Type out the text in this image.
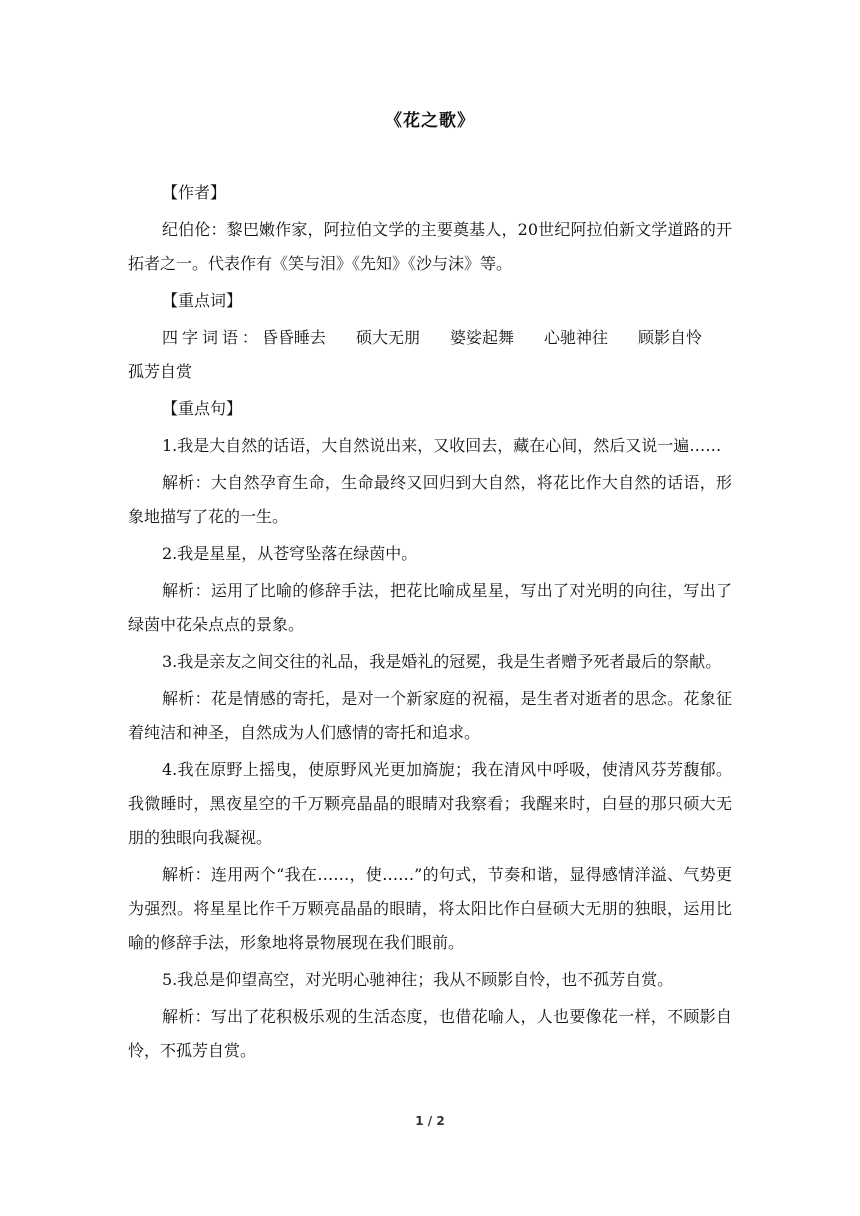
《花之歌》

【作者】

纪伯伦：黎巴嫩作家，阿拉伯文学的主要奠基人，20世纪阿拉伯新文学道路的开拓者之一。代表作有《笑与泪》《先知》《沙与沫》等。

【重点词】

四字词语：昏昏睡去 硕大无朋 婆娑起舞 心驰神往 顾影自怜 孤芳自赏

【重点句】

1.我是大自然的话语，大自然说出来，又收回去，藏在心间，然后又说一遍……

解析：大自然孕育生命，生命最终又回归到大自然，将花比作大自然的话语，形象地描写了花的一生。

2.我是星星，从苍穹坠落在绿茵中。

解析：运用了比喻的修辞手法，把花比喻成星星，写出了对光明的向往，写出了绿茵中花朵点点的景象。

3.我是亲友之间交往的礼品，我是婚礼的冠冕，我是生者赠予死者最后的祭献。

解析：花是情感的寄托，是对一个新家庭的祝福，是生者对逝者的思念。花象征着纯洁和神圣，自然成为人们感情的寄托和追求。

4.我在原野上摇曳，使原野风光更加旖旎；我在清风中呼吸，使清风芬芳馥郁。我微睡时，黑夜星空的千万颗亮晶晶的眼睛对我察看；我醒来时，白昼的那只硕大无朋的独眼向我凝视。

解析：连用两个“我在……，使……”的句式，节奏和谐，显得感情洋溢、气势更为强烈。将星星比作千万颗亮晶晶的眼睛，将太阳比作白昼硕大无朋的独眼，运用比喻的修辞手法，形象地将景物展现在我们眼前。

5.我总是仰望高空，对光明心驰神往；我从不顾影自怜，也不孤芳自赏。

解析：写出了花积极乐观的生活态度，也借花喻人，人也要像花一样，不顾影自怜，不孤芳自赏。

1 / 2
